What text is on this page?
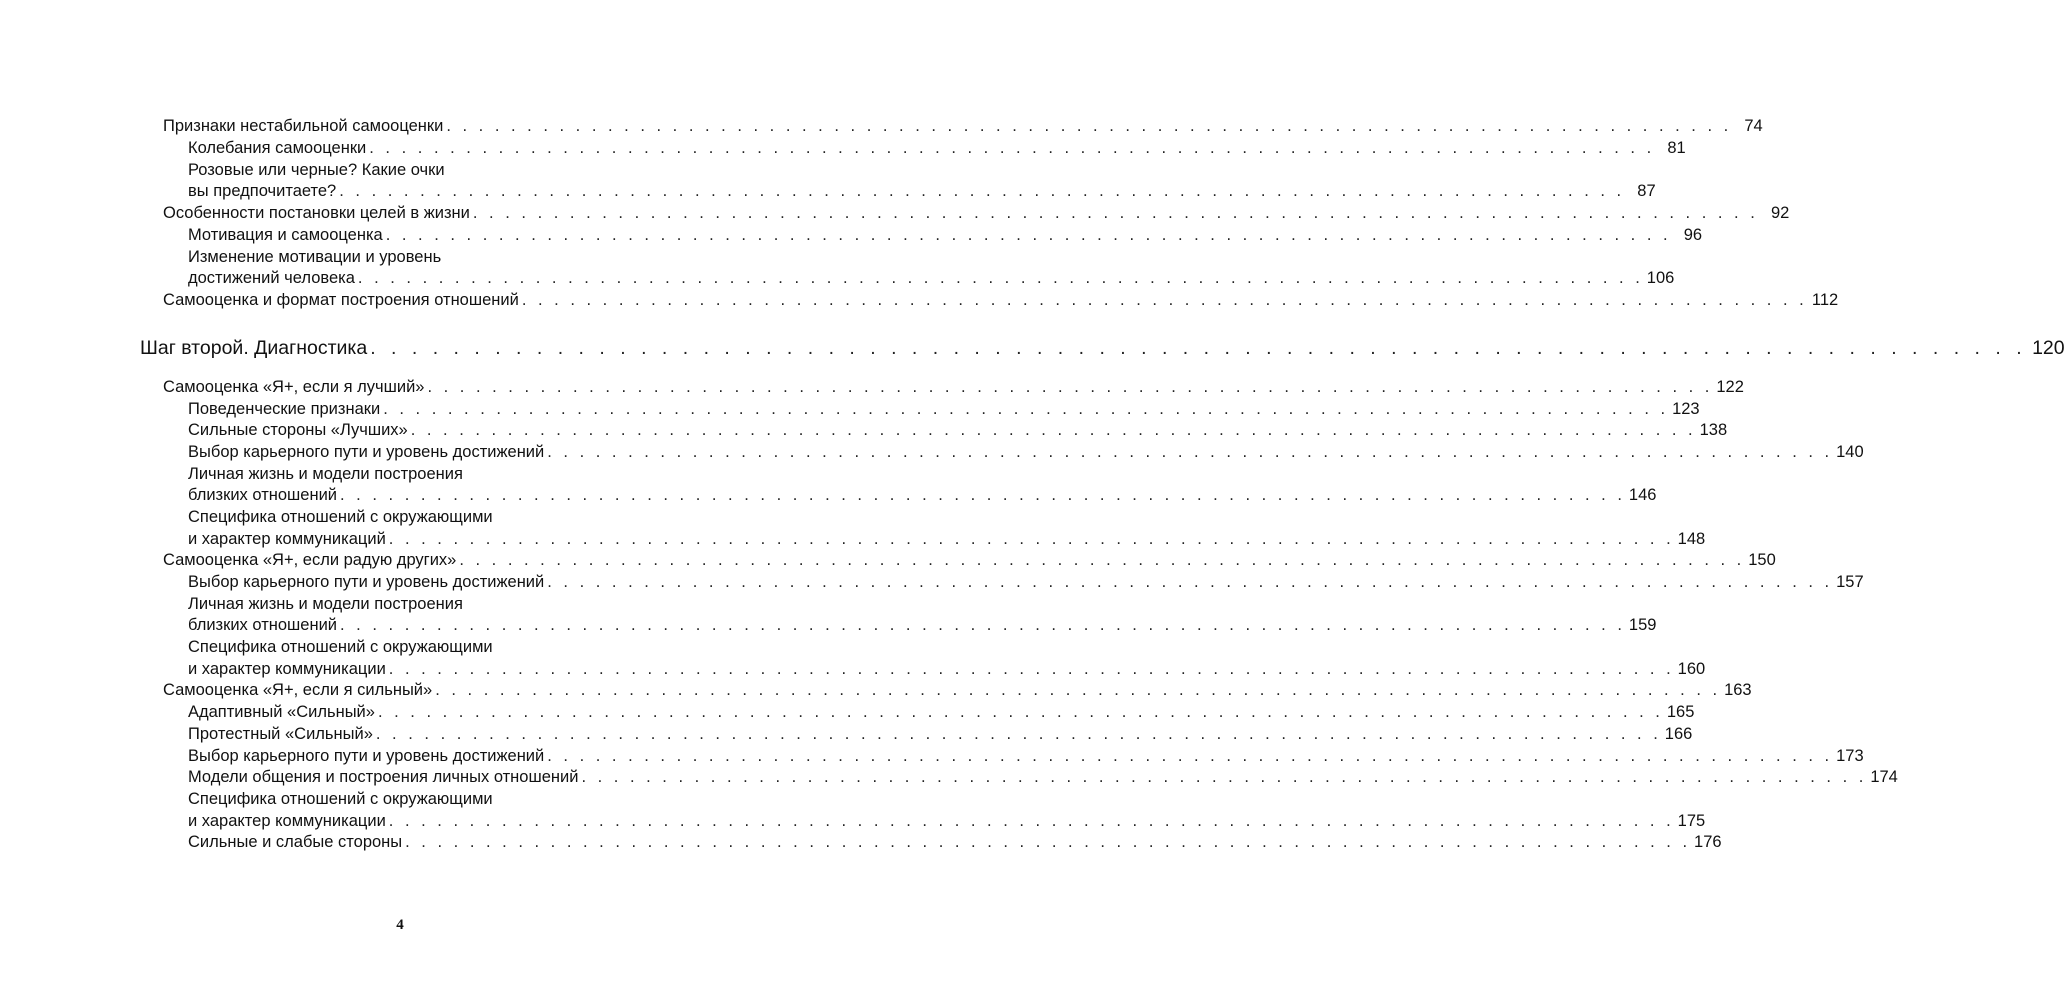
Признаки нестабильной самооценки . . . . . . . . . . . . . . . . . . . . . . . . . . . . . . . . . . . . . . . . . . . . . . . . . . . . . . . . . . . . . . . . . . . . . . . . . . . . . . . . 74
Колебания самооценки . . . . . . . . . . . . . . . . . . . . . . . . . . . . . . . . . . . . . . . . . . . . . . . . . . . . . . . . . . . . . . . . . . . . . . . . . . . . . . . . 81
Розовые или черные? Какие очки
вы предпочитаете? . . . . . . . . . . . . . . . . . . . . . . . . . . . . . . . . . . . . . . . . . . . . . . . . . . . . . . . . . . . . . . . . . . . . . . . . . . . . . . . . 87
Особенности постановки целей в жизни . . . . . . . . . . . . . . . . . . . . . . . . . . . . . . . . . . . . . . . . . . . . . . . . . . . . . . . . . . . . . . . . . . . . . . . . . . . . . . . . 92
Мотивация и самооценка . . . . . . . . . . . . . . . . . . . . . . . . . . . . . . . . . . . . . . . . . . . . . . . . . . . . . . . . . . . . . . . . . . . . . . . . . . . . . . . . 96
Изменение мотивации и уровень
достижений человека . . . . . . . . . . . . . . . . . . . . . . . . . . . . . . . . . . . . . . . . . . . . . . . . . . . . . . . . . . . . . . . . . . . . . . . . . . . . . . . . 106
Самооценка и формат построения отношений . . . . . . . . . . . . . . . . . . . . . . . . . . . . . . . . . . . . . . . . . . . . . . . . . . . . . . . . . . . . . . . . . . . . . . . . . . . . . . . . 112
Шаг второй. Диагностика . . . . . . . . . . . . . . . . . . . . . . . . . . . . . . . . . . . . . . . . . . . . . . . . . . . . . . . . . . . . . . . . . . . . . . . . . . . . . . . . 120
Самооценка «Я+, если я лучший» . . . . . . . . . . . . . . . . . . . . . . . . . . . . . . . . . . . . . . . . . . . . . . . . . . . . . . . . . . . . . . . . . . . . . . . . . . . . . . . . 122
Поведенческие признаки . . . . . . . . . . . . . . . . . . . . . . . . . . . . . . . . . . . . . . . . . . . . . . . . . . . . . . . . . . . . . . . . . . . . . . . . . . . . . . . . 123
Сильные стороны «Лучших» . . . . . . . . . . . . . . . . . . . . . . . . . . . . . . . . . . . . . . . . . . . . . . . . . . . . . . . . . . . . . . . . . . . . . . . . . . . . . . . . 138
Выбор карьерного пути и уровень достижений . . . . . . . . . . . . . . . . . . . . . . . . . . . . . . . . . . . . . . . . . . . . . . . . . . . . . . . . . . . . . . . . . . . . . . . . . . . . . . . . 140
Личная жизнь и модели построения
близких отношений . . . . . . . . . . . . . . . . . . . . . . . . . . . . . . . . . . . . . . . . . . . . . . . . . . . . . . . . . . . . . . . . . . . . . . . . . . . . . . . . 146
Специфика отношений с окружающими
и характер коммуникаций . . . . . . . . . . . . . . . . . . . . . . . . . . . . . . . . . . . . . . . . . . . . . . . . . . . . . . . . . . . . . . . . . . . . . . . . . . . . . . . . 148
Самооценка «Я+, если радую других» . . . . . . . . . . . . . . . . . . . . . . . . . . . . . . . . . . . . . . . . . . . . . . . . . . . . . . . . . . . . . . . . . . . . . . . . . . . . . . . . 150
Выбор карьерного пути и уровень достижений . . . . . . . . . . . . . . . . . . . . . . . . . . . . . . . . . . . . . . . . . . . . . . . . . . . . . . . . . . . . . . . . . . . . . . . . . . . . . . . . 157
Личная жизнь и модели построения
близких отношений . . . . . . . . . . . . . . . . . . . . . . . . . . . . . . . . . . . . . . . . . . . . . . . . . . . . . . . . . . . . . . . . . . . . . . . . . . . . . . . . 159
Специфика отношений с окружающими
и характер коммуникации . . . . . . . . . . . . . . . . . . . . . . . . . . . . . . . . . . . . . . . . . . . . . . . . . . . . . . . . . . . . . . . . . . . . . . . . . . . . . . . . 160
Самооценка «Я+, если я сильный» . . . . . . . . . . . . . . . . . . . . . . . . . . . . . . . . . . . . . . . . . . . . . . . . . . . . . . . . . . . . . . . . . . . . . . . . . . . . . . . . 163
Адаптивный «Сильный» . . . . . . . . . . . . . . . . . . . . . . . . . . . . . . . . . . . . . . . . . . . . . . . . . . . . . . . . . . . . . . . . . . . . . . . . . . . . . . . . 165
Протестный «Сильный» . . . . . . . . . . . . . . . . . . . . . . . . . . . . . . . . . . . . . . . . . . . . . . . . . . . . . . . . . . . . . . . . . . . . . . . . . . . . . . . . 166
Выбор карьерного пути и уровень достижений . . . . . . . . . . . . . . . . . . . . . . . . . . . . . . . . . . . . . . . . . . . . . . . . . . . . . . . . . . . . . . . . . . . . . . . . . . . . . . . . 173
Модели общения и построения личных отношений . . . . . . . . . . . . . . . . . . . . . . . . . . . . . . . . . . . . . . . . . . . . . . . . . . . . . . . . . . . . . . . . . . . . . . . . . . . . . . . . 174
Специфика отношений с окружающими
и характер коммуникации . . . . . . . . . . . . . . . . . . . . . . . . . . . . . . . . . . . . . . . . . . . . . . . . . . . . . . . . . . . . . . . . . . . . . . . . . . . . . . . . 175
Сильные и слабые стороны . . . . . . . . . . . . . . . . . . . . . . . . . . . . . . . . . . . . . . . . . . . . . . . . . . . . . . . . . . . . . . . . . . . . . . . . . . . . . . . . 176
4
